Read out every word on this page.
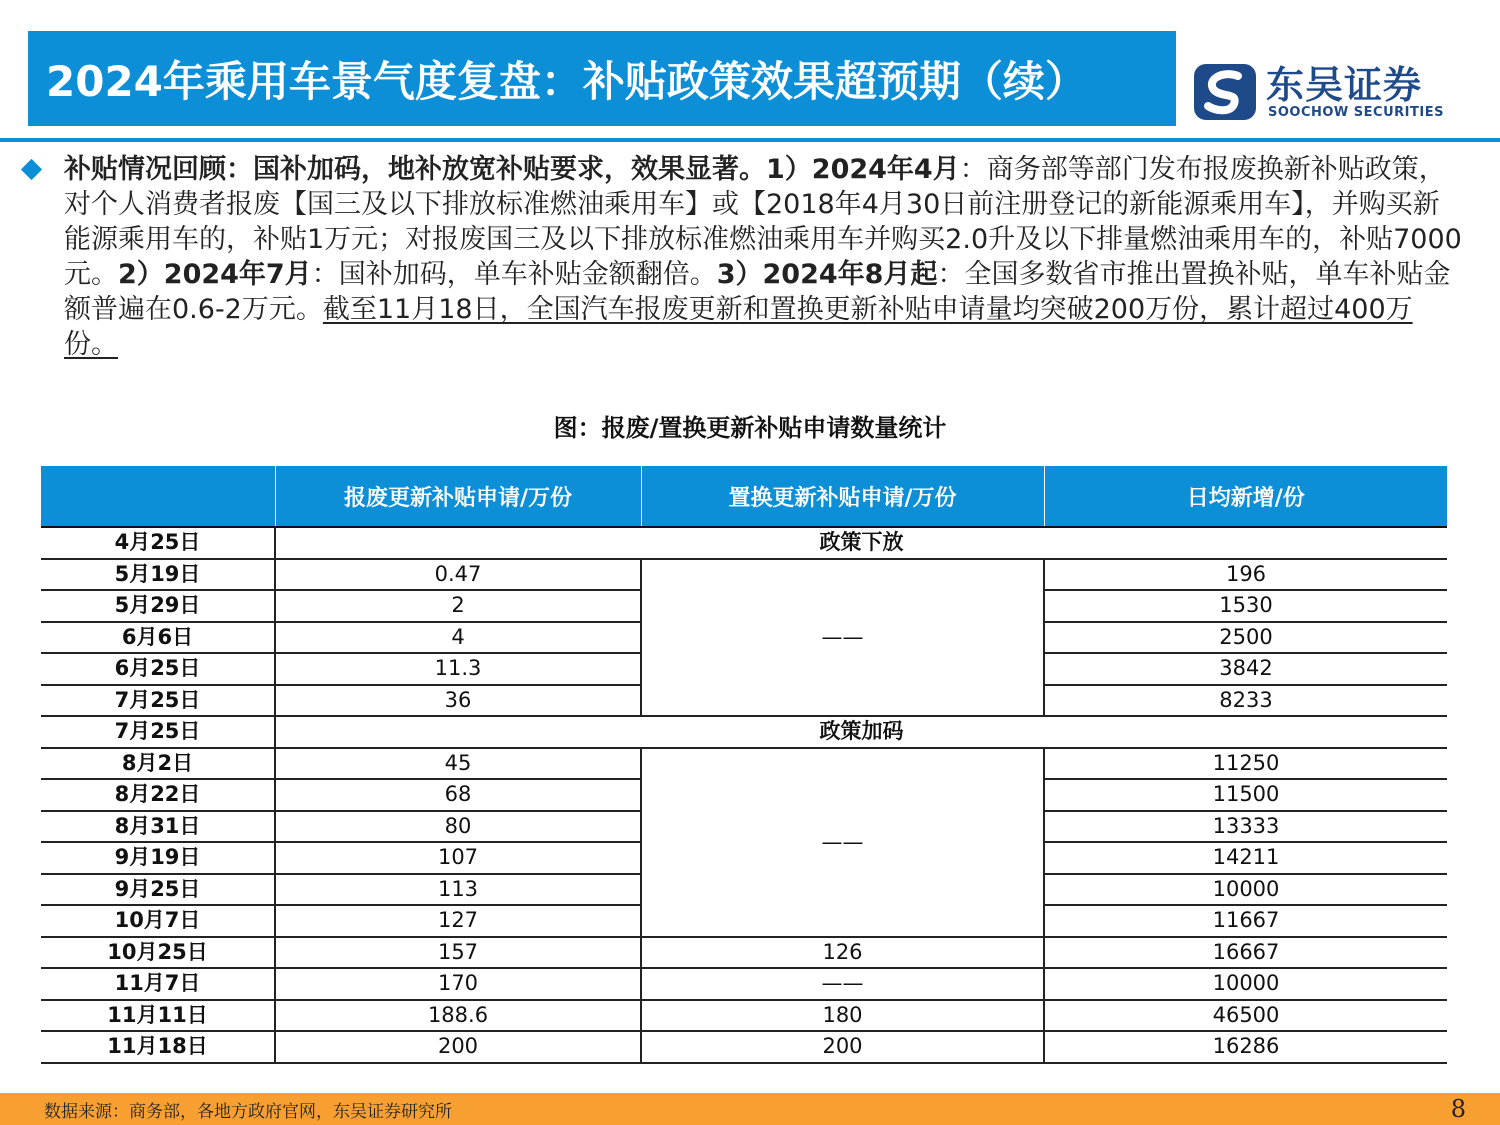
2024年乘用车景气度复盘：补贴政策效果超预期（续）	东吴证券
SOOCHOW SECURITIES
补贴情况回顾：国补加码，地补放宽补贴要求，效果显著。1）2024年4月：商务部等部门发布报废换新补贴政策，对个人消费者报废【国三及以下排放标准燃油乘用车】或【2018年4月30日前注册登记的新能源乘用车】，并购买新能源乘用车的，补贴1万元；对报废国三及以下排放标准燃油乘用车并购买2.0升及以下排量燃油乘用车的，补贴7000元。2）2024年7月：国补加码，单车补贴金额翻倍。3）2024年8月起：全国多数省市推出置换补贴，单车补贴金额普遍在0.6-2万元。截至11月18日，全国汽车报废更新和置换更新补贴申请量均突破200万份，累计超过400万份。
图：报废/置换更新补贴申请数量统计
	报废更新补贴申请/万份	置换更新补贴申请/万份	日均新增/份
4月25日	政策下放		
5月19日	0.47	——	196
5月29日	2		1530
6月6日	4		2500
6月25日	11.3		3842
7月25日	36		8233
7月25日	政策加码		
8月2日	45	——	11250
8月22日	68		11500
8月31日	80		13333
9月19日	107		14211
9月25日	113		10000
10月7日	127		11667
10月25日	157	126	16667
11月7日	170	——	10000
11月11日	188.6	180	46500
11月18日	200	200	16286
数据来源：商务部，各地方政府官网，东吴证券研究所	8
